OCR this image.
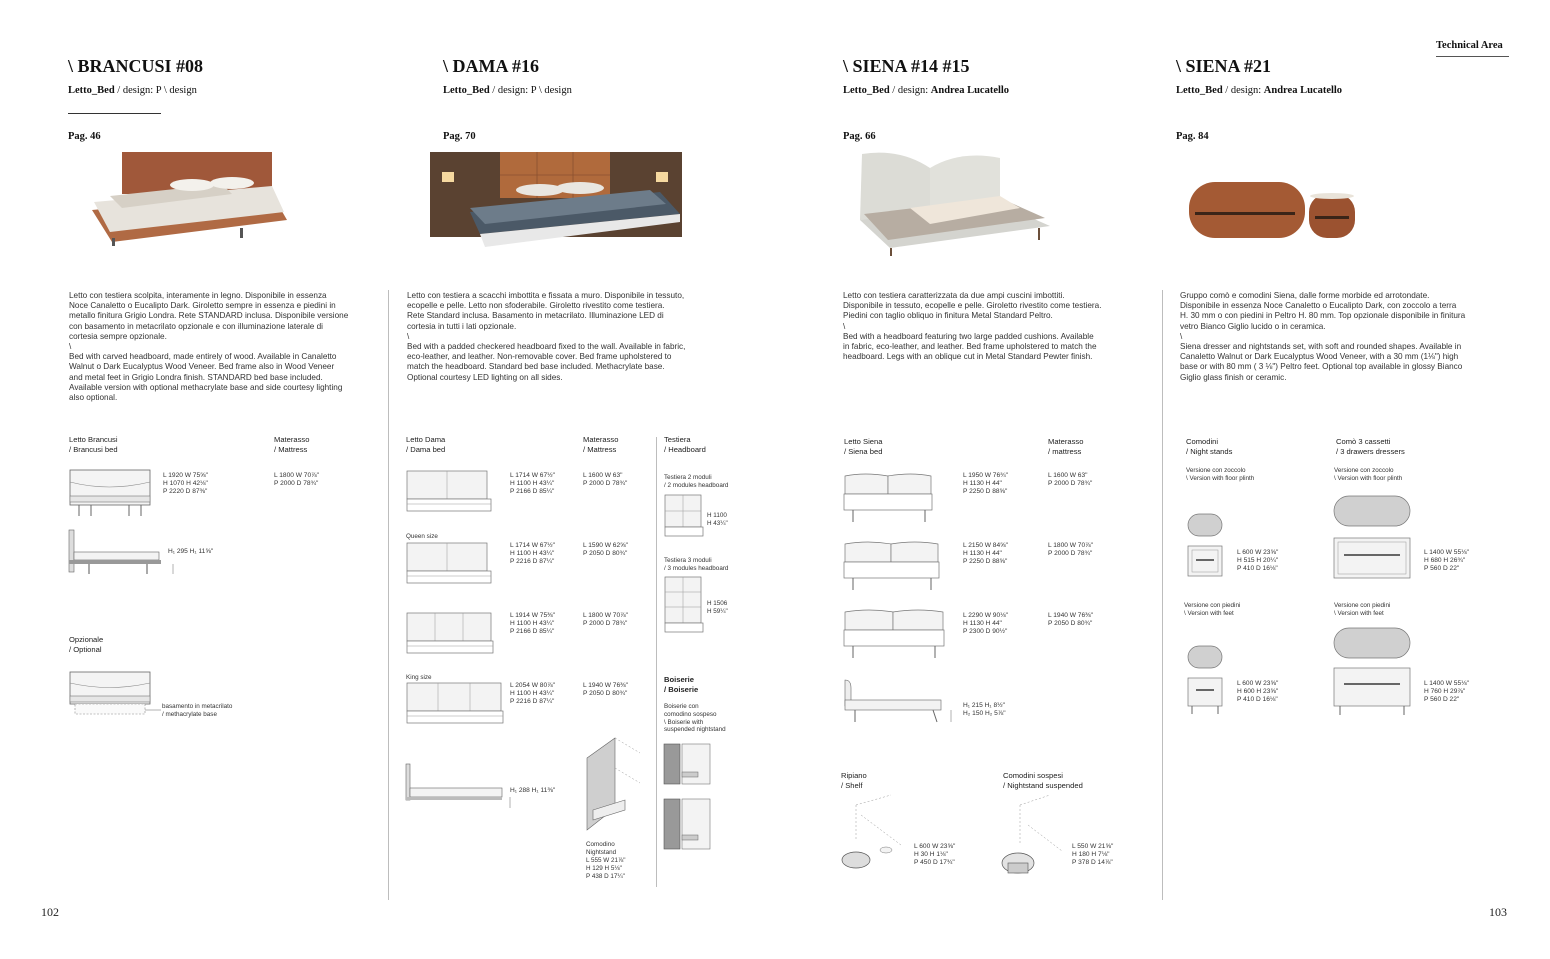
Technical Area
\ BRANCUSI #08
Letto_Bed / design: P \ design
Pag. 46
Letto con testiera scolpita, interamente in legno. Disponibile in essenza
Noce Canaletto o Eucalipto Dark. Giroletto sempre in essenza e piedini in
metallo finitura Grigio Londra. Rete STANDARD inclusa. Disponibile versione
con basamento in metacrilato opzionale e con illuminazione laterale di
cortesia sempre opzionale.
\
Bed with carved headboard, made entirely of wood. Available in Canaletto
Walnut o Dark Eucalyptus Wood Veneer. Bed frame also in Wood Veneer
and metal feet in Grigio Londra finish. STANDARD bed base included.
Available version with optional methacrylate base and side courtesy lighting
also optional.
Letto Brancusi
/ Brancusi bed
Materasso
/ Mattress
L 1920 W 75⅝"
H 1070 H 42⅛"
P 2220 D 87⅜"
L 1800 W 70⅞"
P 2000 D 78¾"
H₁ 295 H₁ 11⅝"
Opzionale
/ Optional
basamento in metacrilato
/ methacrylate base
\ DAMA #16
Letto_Bed / design: P \ design
Pag. 70
Letto con testiera a scacchi imbottita e fissata a muro. Disponibile in tessuto,
ecopelle e pelle. Letto non sfoderabile. Giroletto rivestito come testiera.
Rete Standard inclusa. Basamento in metacrilato. Illuminazione LED di
cortesia in tutti i lati opzionale.
\
Bed with a padded checkered headboard fixed to the wall. Available in fabric,
eco-leather, and leather. Non-removable cover. Bed frame upholstered to
match the headboard. Standard bed base included. Methacrylate base.
Optional courtesy LED lighting on all sides.
Letto Dama
/ Dama bed
Materasso
/ Mattress
L 1714 W 67½"
H 1100 H 43¼"
P 2166 D 85¼"
L 1600 W 63"
P 2000 D 78¾"
Queen size
L 1714 W 67½"
H 1100 H 43¼"
P 2216 D 87¼"
L 1590 W 62⅝"
P 2050 D 80¾"
L 1914 W 75⅜"
H 1100 H 43¼"
P 2166 D 85¼"
L 1800 W 70⅞"
P 2000 D 78¾"
King size
L 2054 W 80⅞"
H 1100 H 43¼"
P 2216 D 87¼"
L 1940 W 76⅜"
P 2050 D 80¾"
H₁ 288 H₁ 11⅜"
Comodino
Nightstand
L 555 W 21⅞"
H 129 H 5⅛"
P 438 D 17¼"
Testiera
/ Headboard
Testiera 2 moduli
/ 2 modules headboard
H 1100
H 43¼"
Testiera 3 moduli
/ 3 modules headboard
H 1506
H 59¼"
Boiserie
/ Boiserie
Boiserie con
comodino sospeso
\ Boiserie with
suspended nightstand
\ SIENA #14 #15
Letto_Bed / design: Andrea Lucatello
Pag. 66
Letto con testiera caratterizzata da due ampi cuscini imbottiti.
Disponibile in tessuto, ecopelle e pelle. Giroletto rivestito come testiera.
Piedini con taglio obliquo in finitura Metal Standard Peltro.
\
Bed with a headboard featuring two large padded cushions. Available
in fabric, eco-leather, and leather. Bed frame upholstered to match the
headboard. Legs with an oblique cut in Metal Standard Pewter finish.
Letto Siena
/ Siena bed
Materasso
/ mattress
L 1950 W 76¾"
H 1130 H 44"
P 2250 D 88⅝"
L 1600 W 63"
P 2000 D 78¾"
L 2150 W 84⅝"
H 1130 H 44"
P 2250 D 88⅝"
L 1800 W 70⅞"
P 2000 D 78¾"
L 2290 W 90⅛"
H 1130 H 44"
P 2300 D 90½"
L 1940 W 76⅜"
P 2050 D 80¾"
H₁ 215 H₁ 8½"
H₂ 150 H₂ 5⅞"
Ripiano
/ Shelf
L 600 W 23⅝"
H 30 H 1⅛"
P 450 D 17¾"
Comodini sospesi
/ Nightstand suspended
L 550 W 21⅝"
H 180 H 7⅛"
P 378 D 14⅞"
\ SIENA #21
Letto_Bed / design: Andrea Lucatello
Pag. 84
Gruppo comò e comodini Siena, dalle forme morbide ed arrotondate.
Disponibile in essenza Noce Canaletto o Eucalipto Dark, con zoccolo a terra
H. 30 mm o con piedini in Peltro H. 80 mm. Top opzionale disponibile in finitura
vetro Bianco Giglio lucido o in ceramica.
\
Siena dresser and nightstands set, with soft and rounded shapes. Available in
Canaletto Walnut or Dark Eucalyptus Wood Veneer, with a 30 mm (1⅛") high
base or with 80 mm ( 3 ⅛") Peltro feet. Optional top available in glossy Bianco
Giglio glass finish or ceramic.
Comodini
/ Night stands
Comò 3 cassetti
/ 3 drawers dressers
Versione con zoccolo
\ Version with floor plinth
Versione con zoccolo
\ Version with floor plinth
L 600 W 23⅝"
H 515 H 20¼"
P 410 D 16⅛"
L 1400 W 55⅛"
H 680 H 26¾"
P 560 D 22"
Versione con piedini
\ Version with feet
Versione con piedini
\ Version with feet
L 600 W 23⅝"
H 600 H 23⅝"
P 410 D 16⅛"
L 1400 W 55⅛"
H 760 H 29⅞"
P 560 D 22"
102	103
